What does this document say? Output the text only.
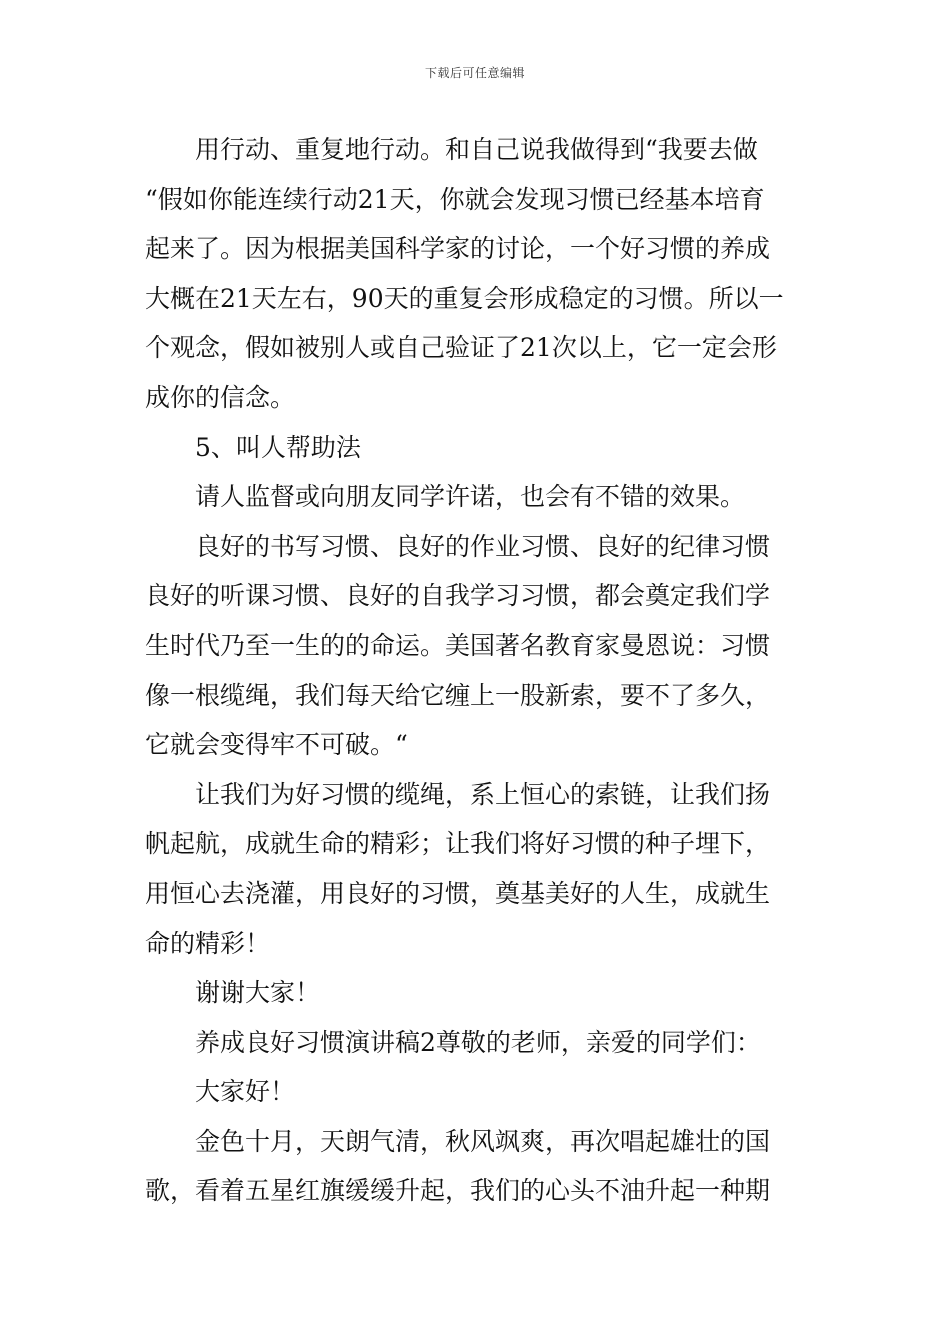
下载后可任意编辑
用行动、重复地行动。和自己说我做得到“我要去做
“假如你能连续行动21天，你就会发现习惯已经基本培育
起来了。因为根据美国科学家的讨论，一个好习惯的养成
大概在21天左右，90天的重复会形成稳定的习惯。所以一
个观念，假如被别人或自己验证了21次以上，它一定会形
成你的信念。
5、叫人帮助法
请人监督或向朋友同学许诺，也会有不错的效果。
良好的书写习惯、良好的作业习惯、良好的纪律习惯
良好的听课习惯、良好的自我学习习惯，都会奠定我们学
生时代乃至一生的的命运。美国著名教育家曼恩说：习惯
像一根缆绳，我们每天给它缠上一股新索，要不了多久，
它就会变得牢不可破。“
让我们为好习惯的缆绳，系上恒心的索链，让我们扬
帆起航，成就生命的精彩；让我们将好习惯的种子埋下，
用恒心去浇灌，用良好的习惯，奠基美好的人生，成就生
命的精彩！
谢谢大家！
养成良好习惯演讲稿2尊敬的老师，亲爱的同学们：
大家好！
金色十月，天朗气清，秋风飒爽，再次唱起雄壮的国
歌，看着五星红旗缓缓升起，我们的心头不油升起一种期
